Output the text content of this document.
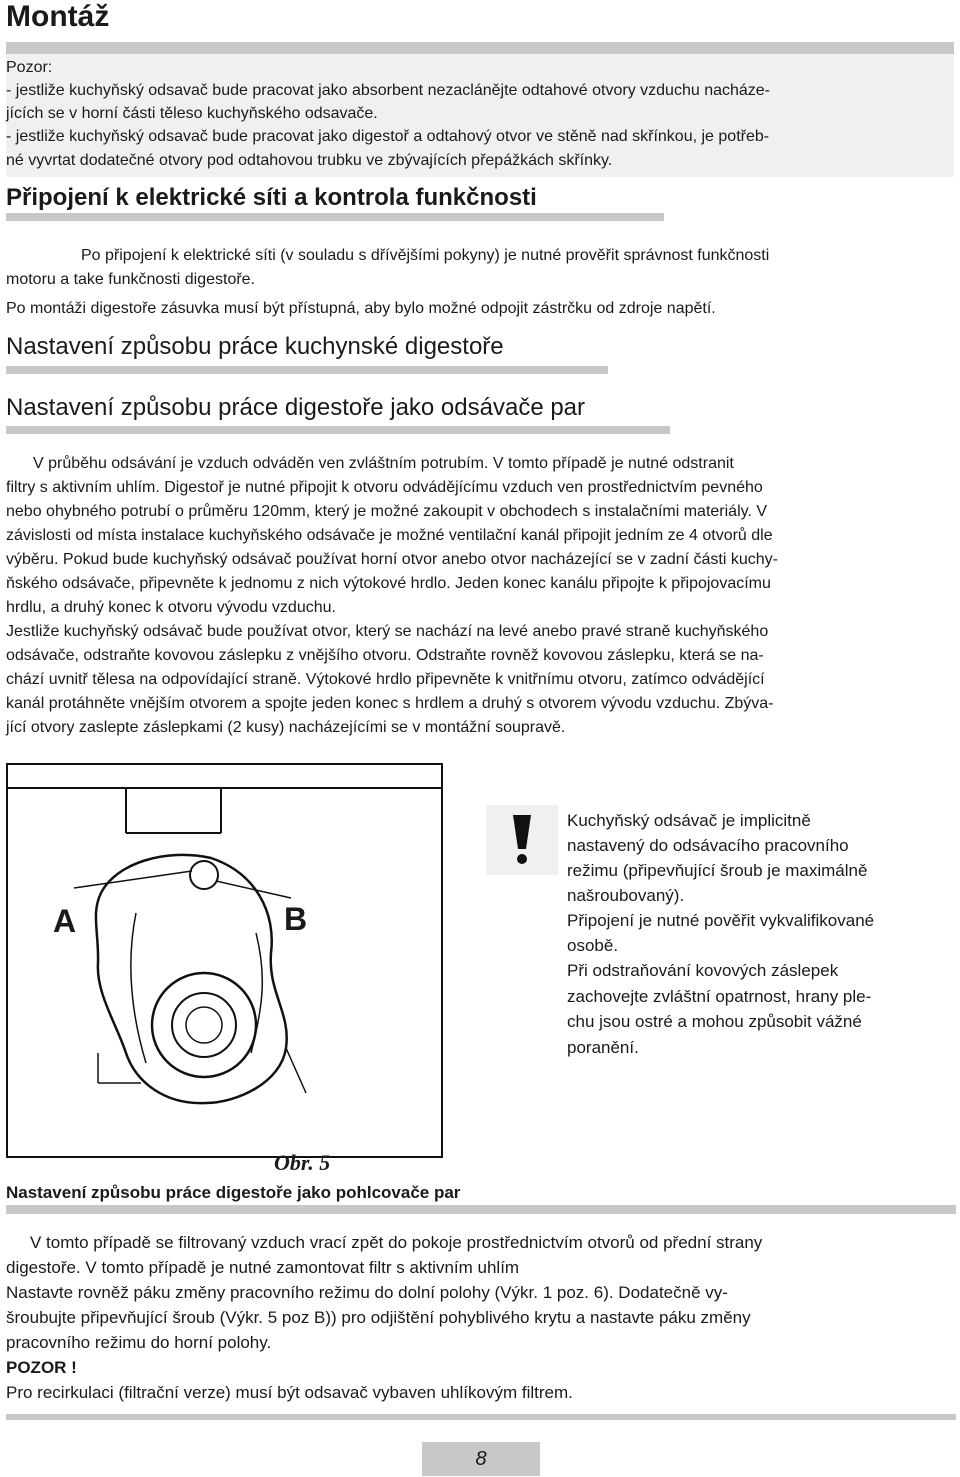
Montáž
Pozor:
- jestliže kuchyňský odsavač bude pracovat jako absorbent nezaclánějte odtahové otvory vzduchu nacháze-
jících se v horní části těleso kuchyňského odsavače.
- jestliže kuchyňský odsavač bude pracovat jako digestoř a odtahový otvor ve stěně nad skřínkou, je potřeb-
né vyvrtat dodatečné otvory pod odtahovou trubku ve zbývajících přepážkách skřínky.
Připojení k elektrické síti a kontrola funkčnosti
Po připojení k elektrické síti (v souladu s dřívějšími pokyny) je nutné prověřit správnost funkčnosti
motoru a take funkčnosti digestoře.
Po montáži digestoře zásuvka musí být přístupná, aby bylo možné odpojit zástrčku od zdroje napětí.
Nastavení způsobu práce kuchynské digestoře
Nastavení způsobu práce digestoře jako odsávače par
V průběhu odsávání je vzduch odváděn ven zvláštním potrubím. V tomto případě je nutné odstranit
filtry s aktivním uhlím. Digestoř je nutné připojit k otvoru odvádějícímu vzduch ven prostřednictvím pevného
nebo ohybného potrubí o průměru 120mm, který je možné zakoupit v obchodech s instalačními materiály. V
závislosti od místa instalace kuchyňského odsávače je možné ventilační kanál připojit jedním ze 4 otvorů dle
výběru. Pokud bude kuchyňský odsávač používat horní otvor anebo otvor nacházející se v zadní části kuchy-
ňského odsávače, připevněte k jednomu z nich výtokové hrdlo. Jeden konec kanálu připojte k připojovacímu
hrdlu, a druhý konec k otvoru vývodu vzduchu.
Jestliže kuchyňský odsávač bude používat otvor, který se nachází na levé anebo pravé straně kuchyňského
odsávače, odstraňte kovovou záslepku z vnějšího otvoru. Odstraňte rovněž kovovou záslepku, která se na-
chází uvnitř tělesa na odpovídající straně. Výtokové hrdlo připevněte k vnitřnímu otvoru, zatímco odvádějící
kanál protáhněte vnějším otvorem a spojte jeden konec s hrdlem a druhý s otvorem vývodu vzduchu. Zbýva-
jící otvory zaslepte záslepkami (2 kusy) nacházejícími se v montážní soupravě.
A	B
Kuchyňský odsávač je implicitně
nastavený do odsávacího pracovního
režimu (připevňující šroub je maximálně
našroubovaný).
Připojení je nutné pověřit vykvalifikované
osobě.
Při odstraňování kovových záslepek
zachovejte zvláštní opatrnost, hrany ple-
chu jsou ostré a mohou způsobit vážné
poranění.
Obr. 5
Nastavení způsobu práce digestoře jako pohlcovače par
V tomto případě se filtrovaný vzduch vrací zpět do pokoje prostřednictvím otvorů od přední strany
digestoře. V tomto případě je nutné zamontovat filtr s aktivním uhlím
Nastavte rovněž páku změny pracovního režimu do dolní polohy (Výkr. 1 poz. 6). Dodatečně vy-
šroubujte připevňující šroub (Výkr. 5 poz B)) pro odjištění pohyblivého krytu a nastavte páku změny
pracovního režimu do horní polohy.
POZOR !
Pro recirkulaci (filtrační verze) musí být odsavač vybaven uhlíkovým filtrem.
8
